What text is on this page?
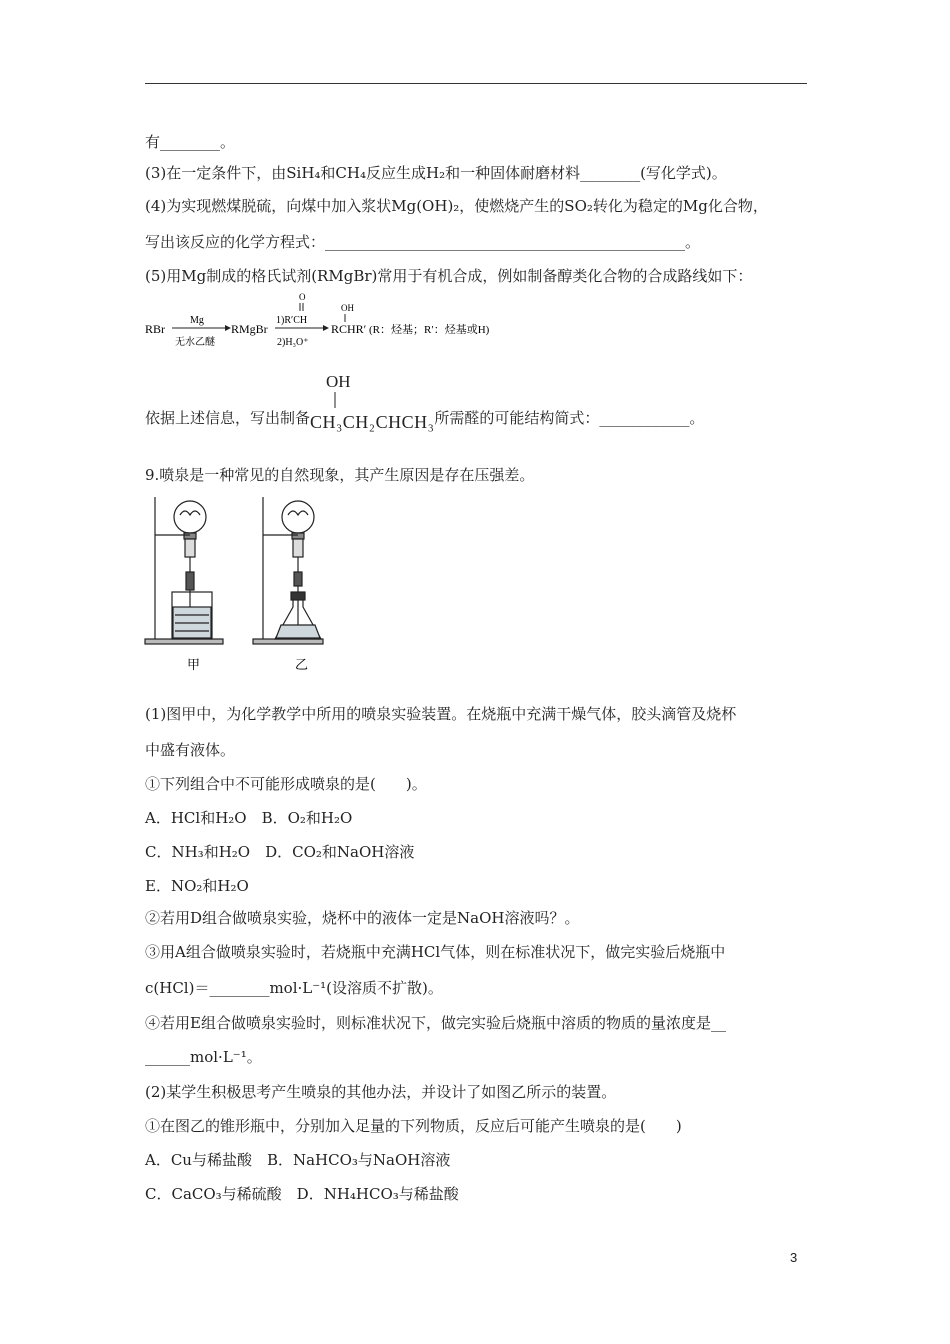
有________。
(3)在一定条件下，由SiH₄和CH₄反应生成H₂和一种固体耐磨材料________(写化学式)。
(4)为实现燃煤脱硫，向煤中加入浆状Mg(OH)₂，使燃烧产生的SO₂转化为稳定的Mg化合物，
写出该反应的化学方程式：________________________________________________。
(5)用Mg制成的格氏试剂(RMgBr)常用于有机合成，例如制备醇类化合物的合成路线如下：
RBr
Mg
无水乙醚
RMgBr
O
1)R′CH
2)H₃O⁺
OH
RCHR′ (R：烃基；R′：烃基或H)
OH
依据上述信息，写出制备CH₃CH₂CHCH₃所需醛的可能结构简式：____________。
9.喷泉是一种常见的自然现象，其产生原因是存在压强差。
甲	乙
(1)图甲中，为化学教学中所用的喷泉实验装置。在烧瓶中充满干燥气体，胶头滴管及烧杯
中盛有液体。
①下列组合中不可能形成喷泉的是(　　)。
A．HCl和H₂O　B．O₂和H₂O
C．NH₃和H₂O　D．CO₂和NaOH溶液
E．NO₂和H₂O
②若用D组合做喷泉实验，烧杯中的液体一定是NaOH溶液吗？。
③用A组合做喷泉实验时，若烧瓶中充满HCl气体，则在标准状况下，做完实验后烧瓶中
c(HCl)＝________mol·L⁻¹(设溶质不扩散)。
④若用E组合做喷泉实验时，则标准状况下，做完实验后烧瓶中溶质的物质的量浓度是__
______mol·L⁻¹。
(2)某学生积极思考产生喷泉的其他办法，并设计了如图乙所示的装置。
①在图乙的锥形瓶中，分别加入足量的下列物质，反应后可能产生喷泉的是(　　)
A．Cu与稀盐酸　B．NaHCO₃与NaOH溶液
C．CaCO₃与稀硫酸　D．NH₄HCO₃与稀盐酸
3
